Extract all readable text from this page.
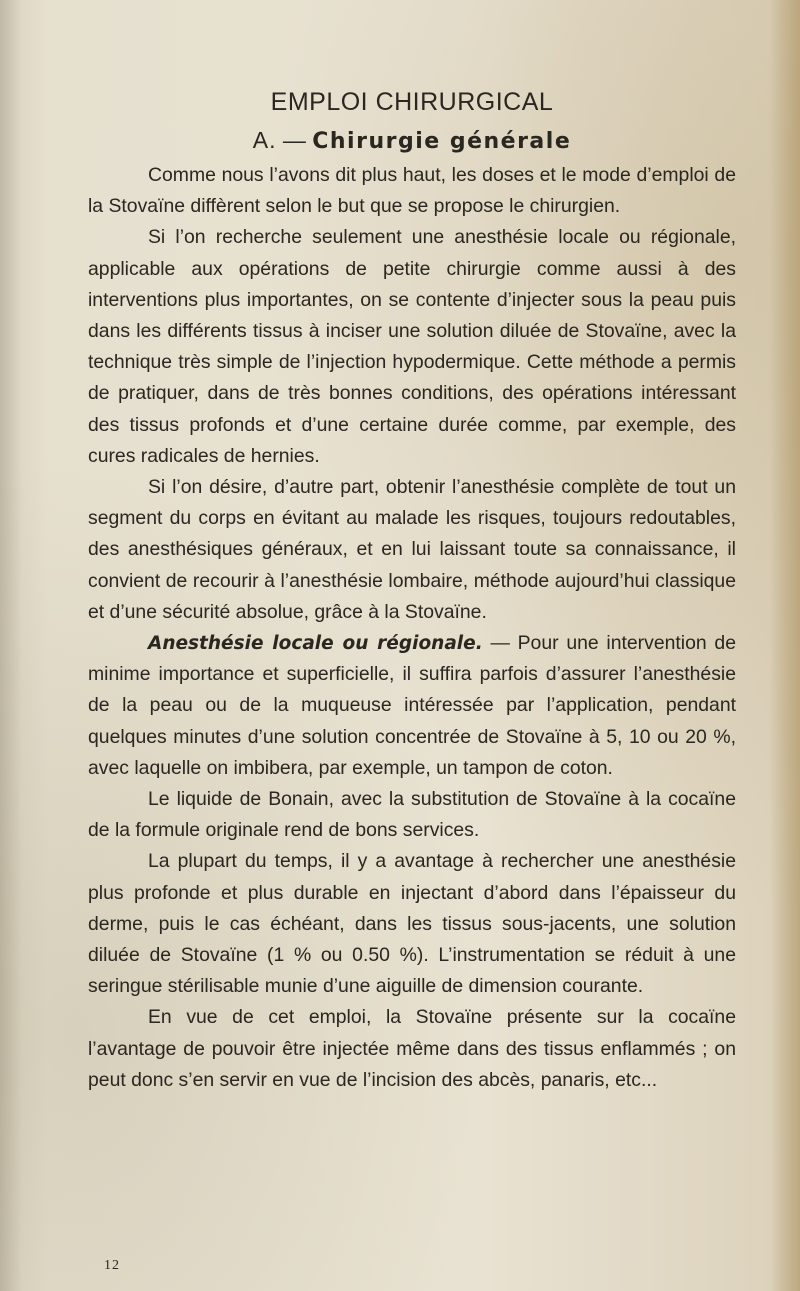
EMPLOI CHIRURGICAL
A. — Chirurgie générale

Comme nous l’avons dit plus haut, les doses et le mode d’emploi de la Stovaïne diffèrent selon le but que se propose le chirurgien.

Si l’on recherche seulement une anesthésie locale ou régionale, applicable aux opérations de petite chirurgie comme aussi à des interventions plus importantes, on se contente d’injecter sous la peau puis dans les différents tissus à inciser une solution diluée de Stovaïne, avec la technique très simple de l’injection hypodermique. Cette méthode a permis de pratiquer, dans de très bonnes conditions, des opérations intéressant des tissus profonds et d’une certaine durée comme, par exemple, des cures radicales de hernies.

Si l’on désire, d’autre part, obtenir l’anesthésie complète de tout un segment du corps en évitant au malade les risques, toujours redoutables, des anesthésiques généraux, et en lui laissant toute sa connaissance, il convient de recourir à l’anesthésie lombaire, méthode aujourd’hui classique et d’une sécurité absolue, grâce à la Stovaïne.

Anesthésie locale ou régionale. — Pour une intervention de minime importance et superficielle, il suffira parfois d’assurer l’anesthésie de la peau ou de la muqueuse intéressée par l’application, pendant quelques minutes d’une solution concentrée de Stovaïne à 5, 10 ou 20 %, avec laquelle on imbibera, par exemple, un tampon de coton.

Le liquide de Bonain, avec la substitution de Stovaïne à la cocaïne de la formule originale rend de bons services.

La plupart du temps, il y a avantage à rechercher une anesthésie plus profonde et plus durable en injectant d’abord dans l’épaisseur du derme, puis le cas échéant, dans les tissus sous-jacents, une solution diluée de Stovaïne (1 % ou 0.50 %). L’instrumentation se réduit à une seringue stérilisable munie d’une aiguille de dimension courante.

En vue de cet emploi, la Stovaïne présente sur la cocaïne l’avantage de pouvoir être injectée même dans des tissus enflammés ; on peut donc s’en servir en vue de l’incision des abcès, panaris, etc...

12
